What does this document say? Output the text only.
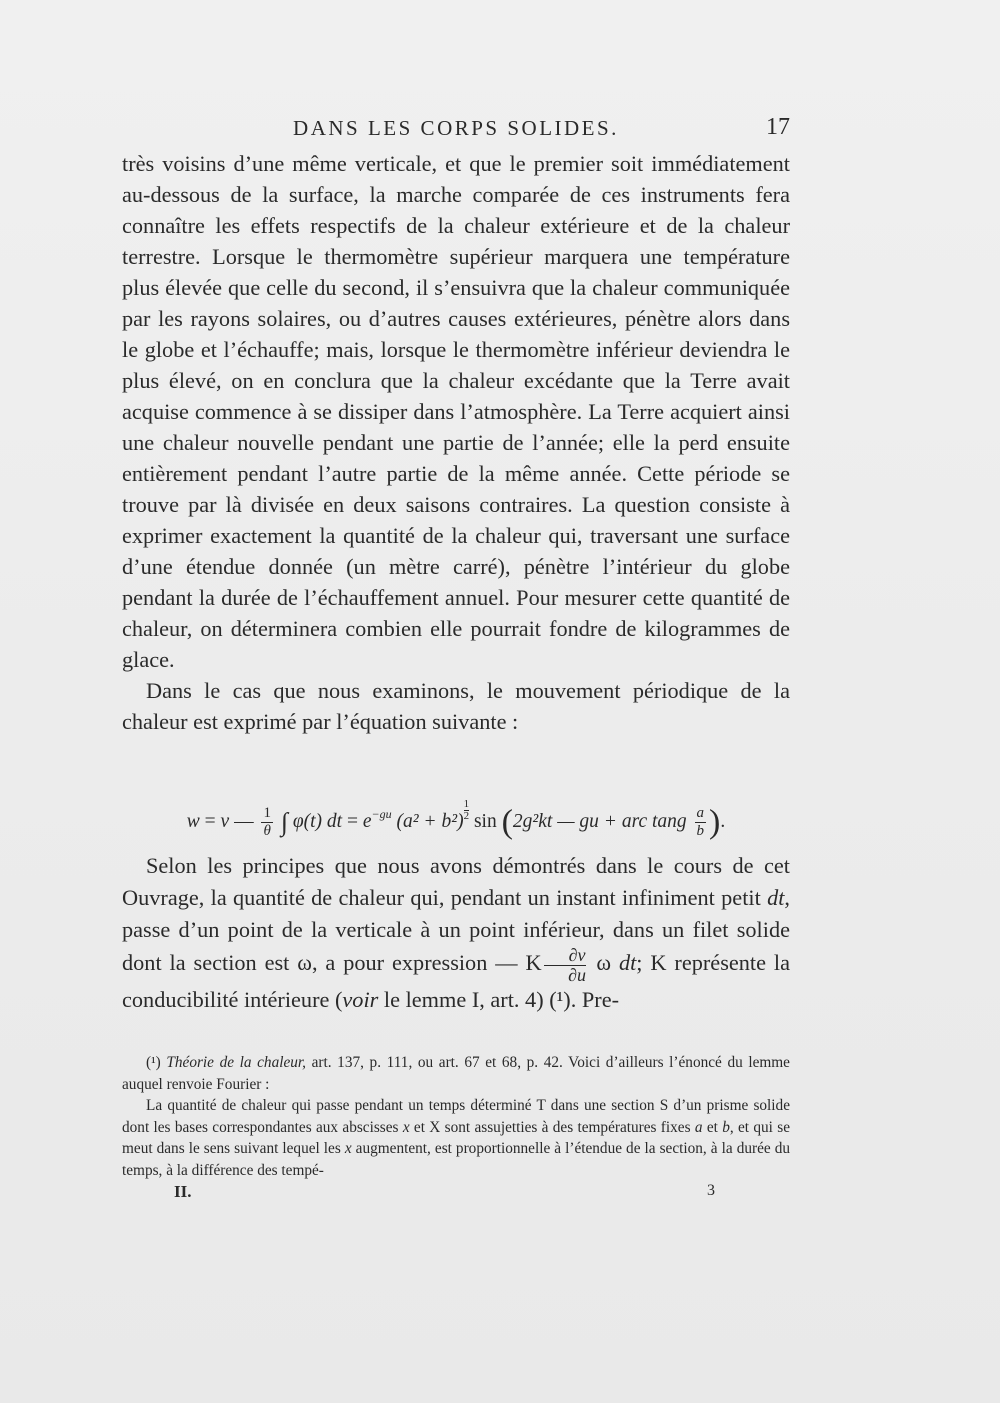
DANS LES CORPS SOLIDES.	17

très voisins d’une même verticale, et que le premier soit immédiatement au-dessous de la surface, la marche comparée de ces instruments fera connaître les effets respectifs de la chaleur extérieure et de la chaleur terrestre. Lorsque le thermomètre supérieur marquera une température plus élevée que celle du second, il s’ensuivra que la chaleur communiquée par les rayons solaires, ou d’autres causes extérieures, pénètre alors dans le globe et l’échauffe; mais, lorsque le thermomètre inférieur deviendra le plus élevé, on en conclura que la chaleur excédante que la Terre avait acquise commence à se dissiper dans l’atmosphère. La Terre acquiert ainsi une chaleur nouvelle pendant une partie de l’année; elle la perd ensuite entièrement pendant l’autre partie de la même année. Cette période se trouve par là divisée en deux saisons contraires. La question consiste à exprimer exactement la quantité de la chaleur qui, traversant une surface d’une étendue donnée (un mètre carré), pénètre l’intérieur du globe pendant la durée de l’échauffement annuel. Pour mesurer cette quantité de chaleur, on déterminera combien elle pourrait fondre de kilogrammes de glace.

Dans le cas que nous examinons, le mouvement périodique de la chaleur est exprimé par l’équation suivante :

w = v — $\frac{1}{\theta}$ ∫ φ(t) dt = $e^{-gu}$ $(a^2 + b^2) \frac{1}{2}$ sin (2g²kt — gu + arc tang $\frac{a}{b}$ ).

Selon les principes que nous avons démontrés dans le cours de cet Ouvrage, la quantité de chaleur qui, pendant un instant infiniment petit dt, passe d’un point de la verticale à un point inférieur, dans un filet solide dont la section est ω, a pour expression — K $\frac{\partial v}{\partial u}$ ω dt; K représente la conducibilité intérieure (voir le lemme I, art. 4) (¹). Pre-

(¹) Théorie de la chaleur, art. 137, p. 111, ou art. 67 et 68, p. 42. Voici d’ailleurs l’énoncé du lemme auquel renvoie Fourier :

La quantité de chaleur qui passe pendant un temps déterminé T dans une section S d’un prisme solide dont les bases correspondantes aux abscisses x et X sont assujetties à des températures fixes a et b, et qui se meut dans le sens suivant lequel les x augmentent, est proportionnelle à l’étendue de la section, à la durée du temps, à la différence des tempé-

II.	3
